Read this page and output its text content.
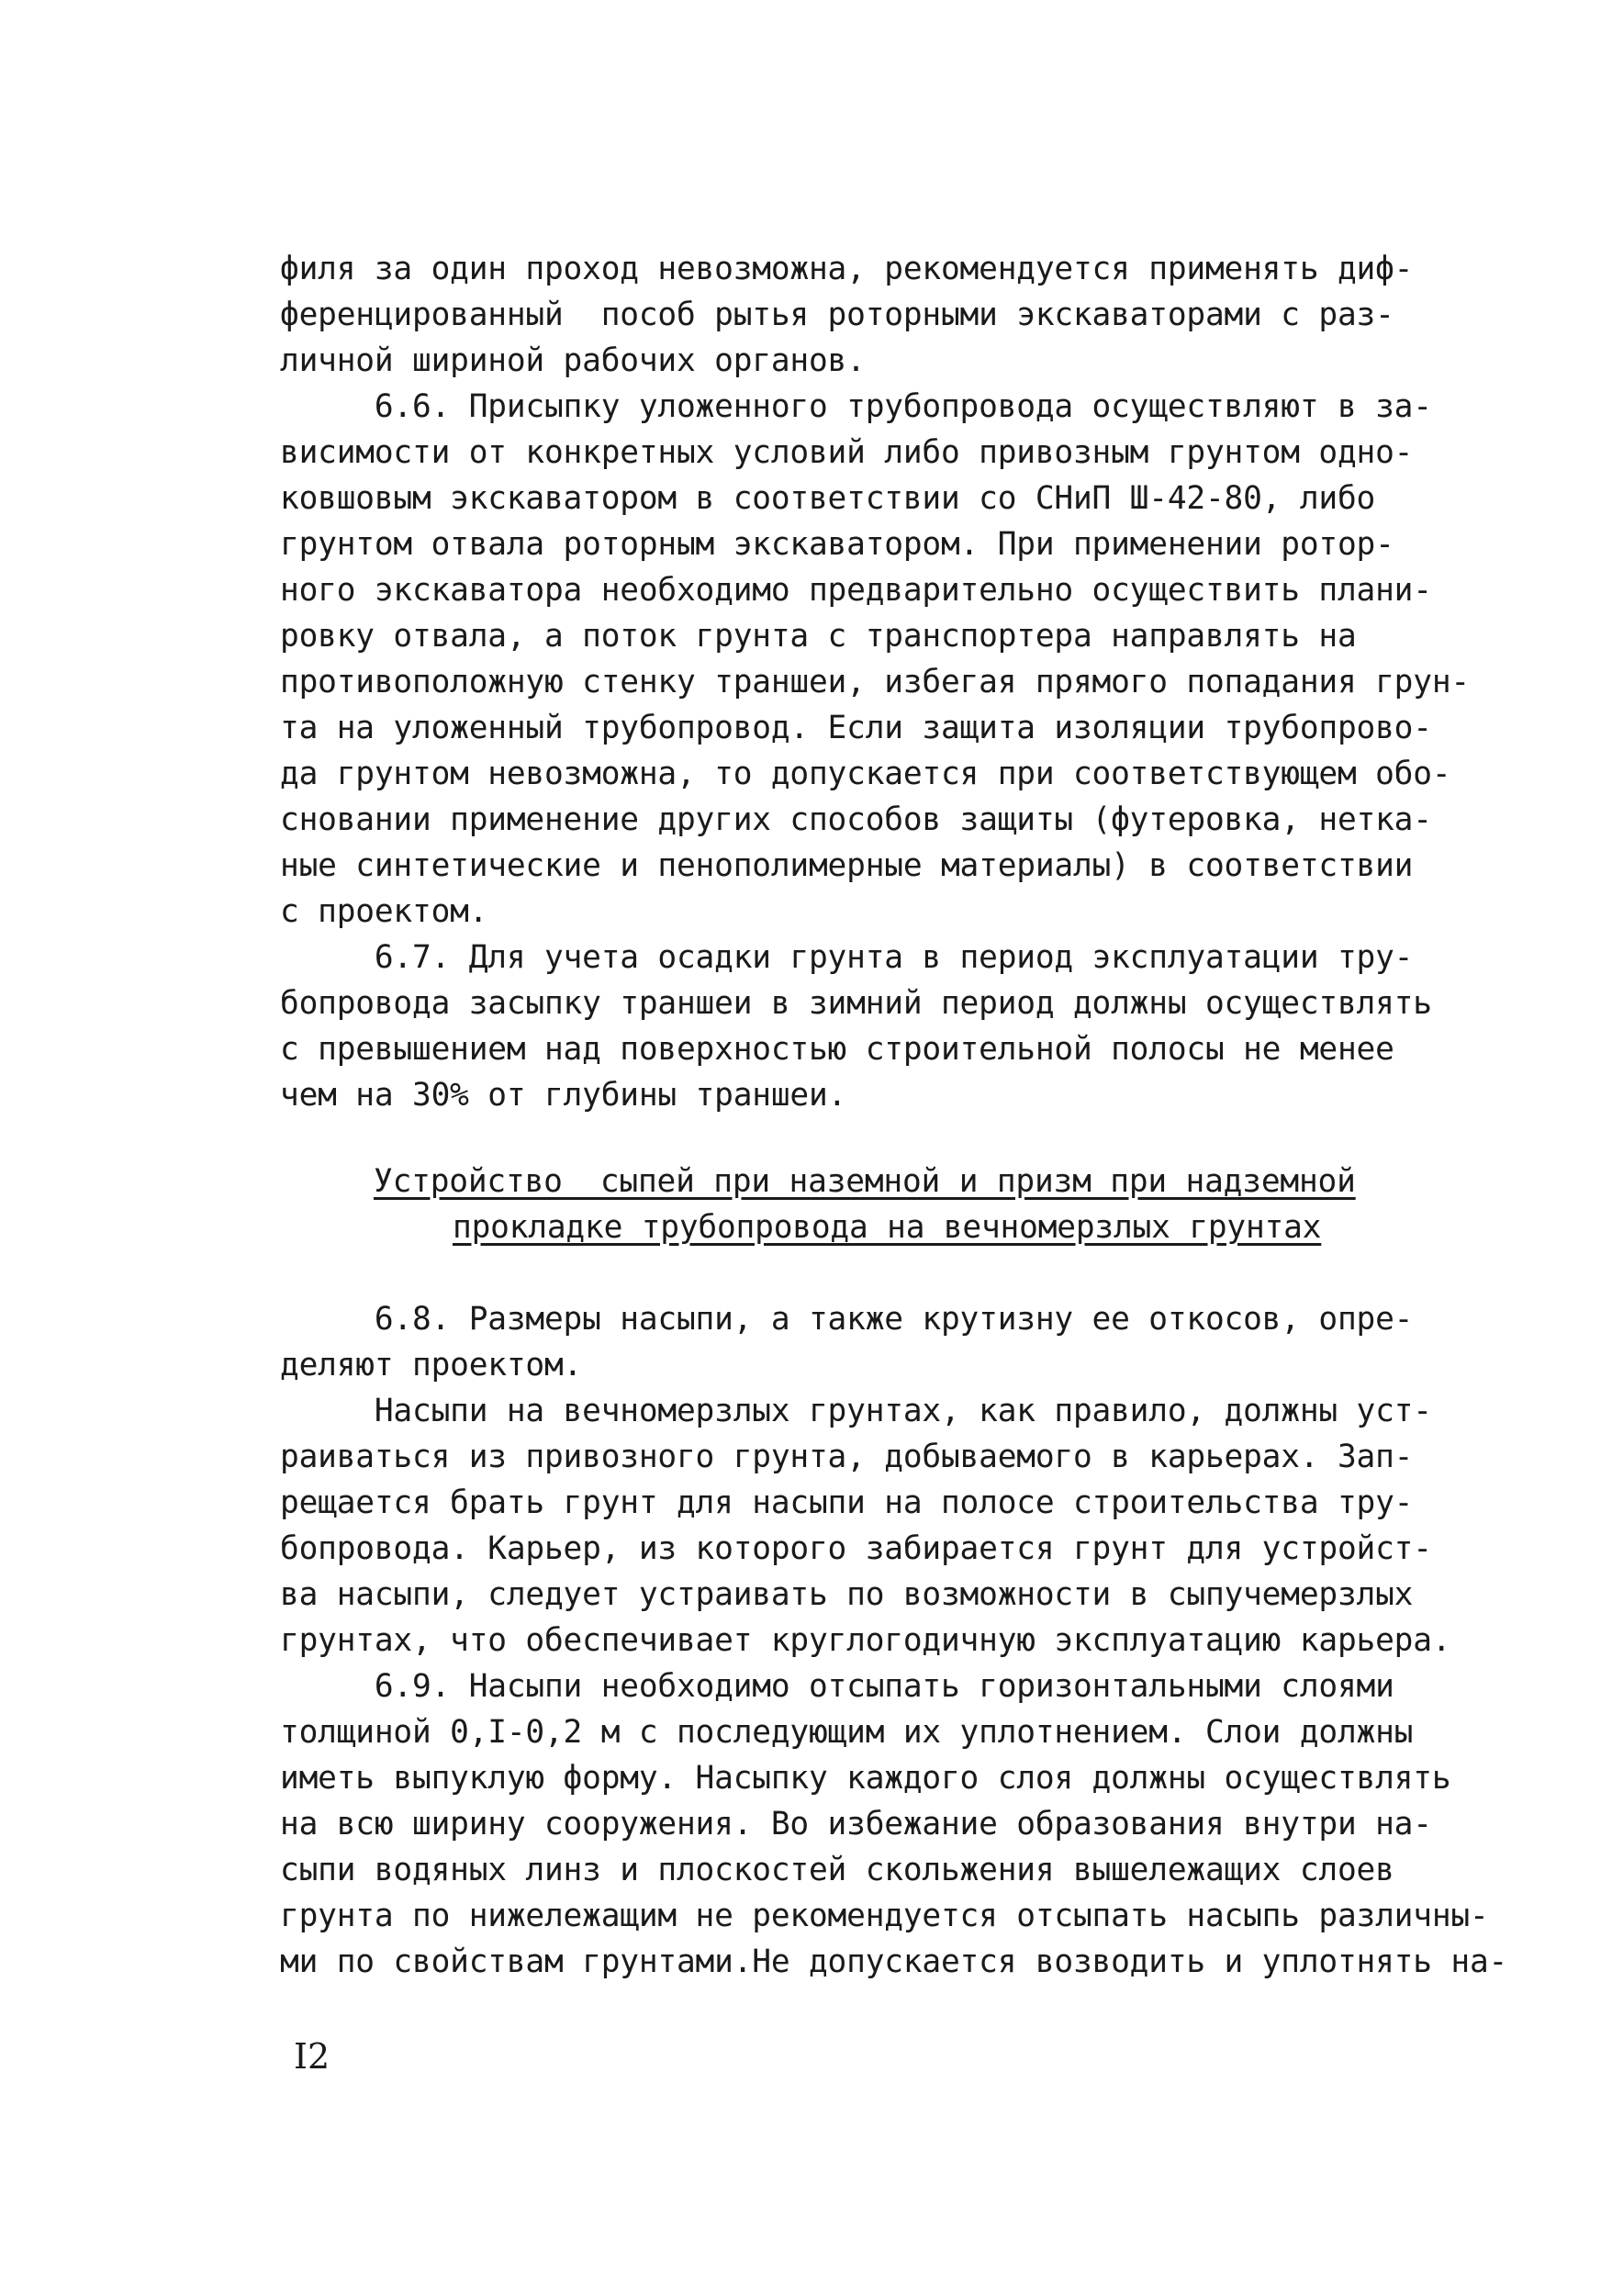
филя за один проход невозможна, рекомендуется применять диф-
ференцированный  пособ рытья роторными экскаваторами с раз-
личной шириной рабочих органов.
6.6. Присыпку уложенного трубопровода осуществляют в за-
висимости от конкретных условий либо привозным грунтом одно-
ковшовым экскаватором в соответствии со СНиП Ш-42-80, либо
грунтом отвала роторным экскаватором. При применении ротор-
ного экскаватора необходимо предварительно осуществить плани-
ровку отвала, а поток грунта с транспортера направлять на
противоположную стенку траншеи, избегая прямого попадания грун-
та на уложенный трубопровод. Если защита изоляции трубопрово-
да грунтом невозможна, то допускается при соответствующем обо-
сновании применение других способов защиты (футеровка, нетка-
ные синтетические и пенополимерные материалы) в соответствии
с проектом.
6.7. Для учета осадки грунта в период эксплуатации тру-
бопровода засыпку траншеи в зимний период должны осуществлять
с превышением над поверхностью строительной полосы не менее
чем на 30% от глубины траншеи.
Устройство  сыпей при наземной и призм при надземной
прокладке трубопровода на вечномерзлых грунтах
6.8. Размеры насыпи, а также крутизну ее откосов, опре-
деляют проектом.
Насыпи на вечномерзлых грунтах, как правило, должны уст-
раиваться из привозного грунта, добываемого в карьерах. Зап-
рещается брать грунт для насыпи на полосе строительства тру-
бопровода. Карьер, из которого забирается грунт для устройст-
ва насыпи, следует устраивать по возможности в сыпучемерзлых
грунтах, что обеспечивает круглогодичную эксплуатацию карьера.
6.9. Насыпи необходимо отсыпать горизонтальными слоями
толщиной 0,I-0,2 м с последующим их уплотнением. Слои должны
иметь выпуклую форму. Насыпку каждого слоя должны осуществлять
на всю ширину сооружения. Во избежание образования внутри на-
сыпи водяных линз и плоскостей скольжения вышележащих слоев
грунта по нижележащим не рекомендуется отсыпать насыпь различны-
ми по свойствам грунтами.Не допускается возводить и уплотнять на-
I2
